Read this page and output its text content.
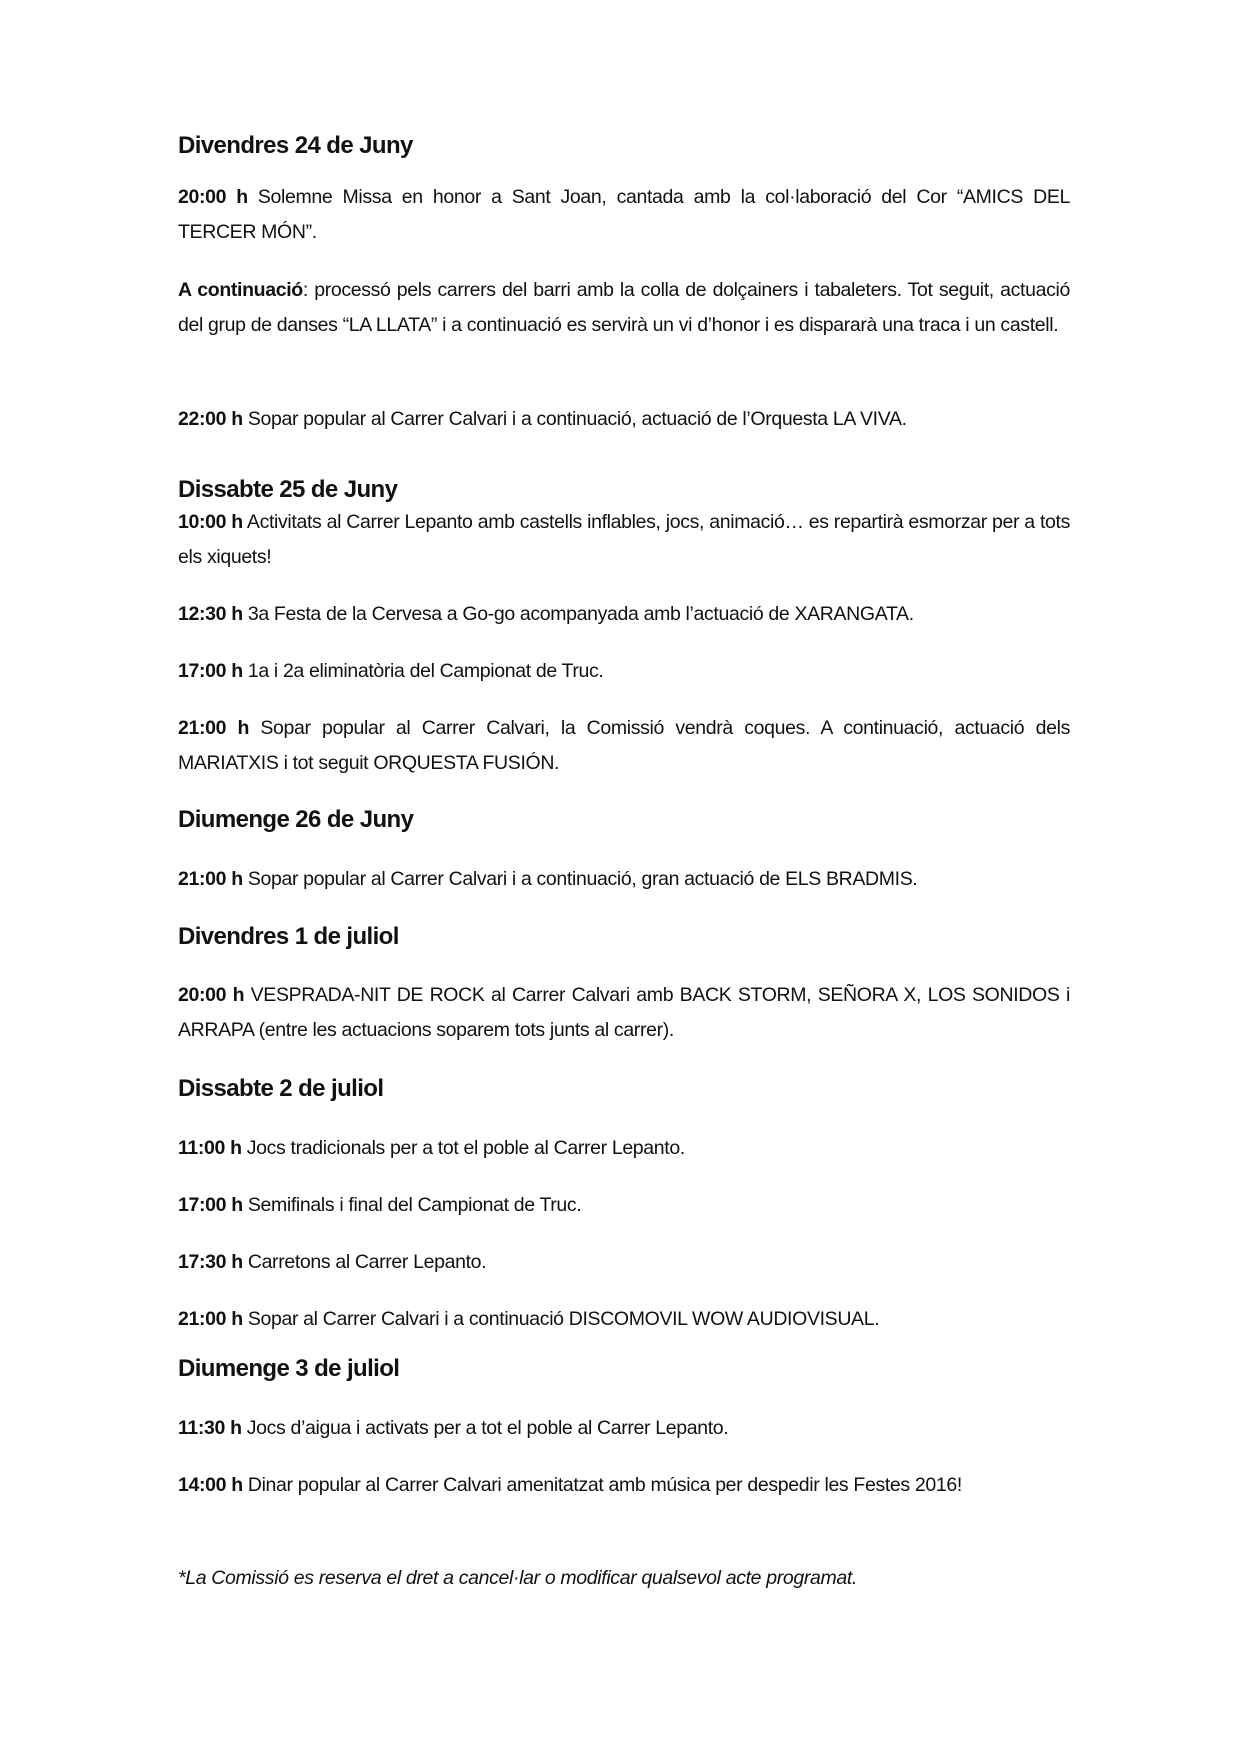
Divendres 24 de Juny

20:00 h Solemne Missa en honor a Sant Joan, cantada amb la col·laboració del Cor “AMICS DEL TERCER MÓN”.

A continuació: processó pels carrers del barri amb la colla de dolçainers i tabaleters. Tot seguit, actuació del grup de danses “LA LLATA” i a continuació es servirà un vi d’honor i es dispararà una traca i un castell.

22:00 h Sopar popular al Carrer Calvari i a continuació, actuació de l’Orquesta LA VIVA.

Dissabte 25 de Juny

10:00 h Activitats al Carrer Lepanto amb castells inflables, jocs, animació… es repartirà esmorzar per a tots els xiquets!

12:30 h 3a Festa de la Cervesa a Go-go acompanyada amb l’actuació de XARANGATA.

17:00 h 1a i 2a eliminatòria del Campionat de Truc.

21:00 h Sopar popular al Carrer Calvari, la Comissió vendrà coques. A continuació, actuació dels MARIATXIS i tot seguit ORQUESTA FUSIÓN.

Diumenge 26 de Juny

21:00 h Sopar popular al Carrer Calvari i a continuació, gran actuació de ELS BRADMIS.

Divendres 1 de juliol

20:00 h VESPRADA-NIT DE ROCK al Carrer Calvari amb BACK STORM, SEÑORA X, LOS SONIDOS i ARRAPA (entre les actuacions soparem tots junts al carrer).

Dissabte 2 de juliol

11:00 h Jocs tradicionals per a tot el poble al Carrer Lepanto.

17:00 h Semifinals i final del Campionat de Truc.

17:30 h Carretons al Carrer Lepanto.

21:00 h Sopar al Carrer Calvari i a continuació DISCOMOVIL WOW AUDIOVISUAL.

Diumenge 3 de juliol

11:30 h Jocs d’aigua i activats per a tot el poble al Carrer Lepanto.

14:00 h Dinar popular al Carrer Calvari amenitatzat amb música per despedir les Festes 2016!

*La Comissió es reserva el dret a cancel·lar o modificar qualsevol acte programat.
